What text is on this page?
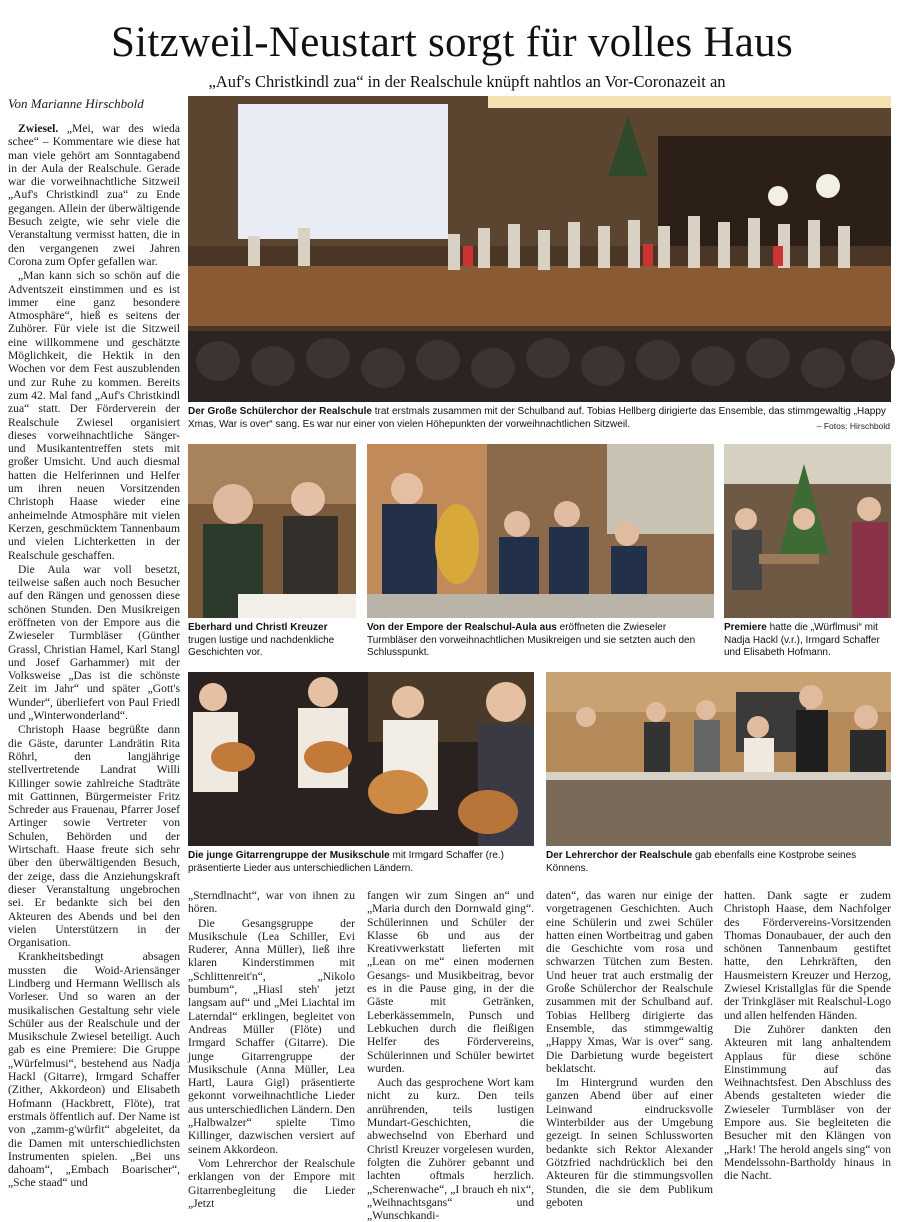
Sitzweil-Neustart sorgt für volles Haus
„Auf's Christkindl zua“ in der Realschule knüpft nahtlos an Vor-Coronazeit an
Von Marianne Hirschbold

Zwiesel. „Mei, war des wieda schee“ – Kommentare wie diese hat man viele gehört am Sonntagabend in der Aula der Realschule. Gerade war die vorweihnachtliche Sitzweil „Auf's Christkindl zua“ zu Ende gegangen. Allein der überwältigende Besuch zeigte, wie sehr viele die Veranstaltung vermisst hatten, die in den vergangenen zwei Jahren Corona zum Opfer gefallen war.

„Man kann sich so schön auf die Adventszeit einstimmen und es ist immer eine ganz besondere Atmosphäre“, hieß es seitens der Zuhörer. Für viele ist die Sitzweil eine willkommene und geschätzte Möglichkeit, die Hektik in den Wochen vor dem Fest auszublenden und zur Ruhe zu kommen. Bereits zum 42. Mal fand „Auf's Christkindl zua“ statt. Der Förderverein der Realschule Zwiesel organisiert dieses vorweihnachtliche Sänger- und Musikantentreffen stets mit großer Umsicht. Und auch diesmal hatten die Helferinnen und Helfer um ihren neuen Vorsitzenden Christoph Haase wieder eine anheimelnde Atmosphäre mit vielen Kerzen, geschmücktem Tannenbaum und vielen Lichterketten in der Realschule geschaffen.

Die Aula war voll besetzt, teilweise saßen auch noch Besucher auf den Rängen und genossen diese schönen Stunden. Den Musikreigen eröffneten von der Empore aus die Zwieseler Turmbläser (Günther Grassl, Christian Hamel, Karl Stangl und Josef Garhammer) mit der Volksweise „Das ist die schönste Zeit im Jahr“ und später „Gott's Wunder“, überliefert von Paul Friedl und „Winterwonderland“.

Christoph Haase begrüßte dann die Gäste, darunter Landrätin Rita Röhrl, den langjährige stellvertretende Landrat Willi Killinger sowie zahlreiche Stadträte mit Gattinnen, Bürgermeister Fritz Schreder aus Frauenau, Pfarrer Josef Artinger sowie Vertreter von Schulen, Behörden und der Wirtschaft. Haase freute sich sehr über den überwältigenden Besuch, der zeige, dass die Anziehungskraft dieser Veranstaltung ungebrochen sei. Er bedankte sich bei den Akteuren des Abends und bei den vielen Unterstützern in der Organisation.

Krankheitsbedingt absagen mussten die Woid-Ariensänger Lindberg und Hermann Wellisch als Vorleser. Und so waren an der musikalischen Gestaltung sehr viele Schüler aus der Realschule und der Musikschule Zwiesel beteiligt. Auch gab es eine Premiere: Die Gruppe „Würfelmusi“, bestehend aus Nadja Hackl (Gitarre), Irmgard Schaffer (Zither, Akkordeon) und Elisabeth Hofmann (Hackbrett, Flöte), trat erstmals öffentlich auf. Der Name ist von „zamm-g'würfit“ abgeleitet, da die Damen mit unterschiedlichsten Instrumenten spielen. „Bei uns dahoam“, „Embach Boarischer“, „Sche staad“ und

Der Große Schülerchor der Realschule trat erstmals zusammen mit der Schulband auf. Tobias Hellberg dirigierte das Ensemble, das stimmgewaltig „Happy Xmas, War is over“ sang. Es war nur einer von vielen Höhepunkten der vorweihnachtlichen Sitzweil.	– Fotos: Hirschbold
Eberhard und Christl Kreuzer trugen lustige und nachdenkliche Geschichten vor.
Von der Empore der Realschul-Aula aus eröffneten die Zwieseler Turmbläser den vorweihnachtlichen Musikreigen und sie setzten auch den Schlusspunkt.
Premiere hatte die „Würflmusi“ mit Nadja Hackl (v.r.), Irmgard Schaffer und Elisabeth Hofmann.
Die junge Gitarrengruppe der Musikschule mit Irmgard Schaffer (re.) präsentierte Lieder aus unterschiedlichen Ländern.
Der Lehrerchor der Realschule gab ebenfalls eine Kostprobe seines Könnens.

„Sterndlnacht“, war von ihnen zu hören.

Die Gesangsgruppe der Musikschule (Lea Schiller, Evi Ruderer, Anna Müller), ließ ihre klaren Kinderstimmen mit „Schlittenreit'n“, „Nikolo bumbum“, „Hiasl steh' jetzt langsam auf“ und „Mei Liachtal im Laterndal“ erklingen, begleitet von Andreas Müller (Flöte) und Irmgard Schaffer (Gitarre). Die junge Gitarrengruppe der Musikschule (Anna Müller, Lea Hartl, Laura Gigl) präsentierte gekonnt vorweihnachtliche Lieder aus unterschiedlichen Ländern. Den „Halbwalzer“ spielte Timo Killinger, dazwischen versiert auf seinem Akkordeon.

Vom Lehrerchor der Realschule erklangen von der Empore mit Gitarrenbegleitung die Lieder „Jetzt

fangen wir zum Singen an“ und „Maria durch den Dornwald ging“. Schülerinnen und Schüler der Klasse 6b und aus der Kreativwerkstatt lieferten mit „Lean on me“ einen modernen Gesangs- und Musikbeitrag, bevor es in die Pause ging, in der die Gäste mit Getränken, Leberkässemmeln, Punsch und Lebkuchen durch die fleißigen Helfer des Fördervereins, Schülerinnen und Schüler bewirtet wurden.

Auch das gesprochene Wort kam nicht zu kurz. Den teils anrührenden, teils lustigen Mundart-Geschichten, die abwechselnd von Eberhard und Christl Kreuzer vorgelesen wurden, folgten die Zuhörer gebannt und lachten oftmals herzlich. „Scherenwache“, „I brauch eh nix“, „Weihnachtsgans“ und „Wunschkandi-

daten“, das waren nur einige der vorgetragenen Geschichten. Auch eine Schülerin und zwei Schüler hatten einen Wortbeitrag und gaben die Geschichte vom rosa und schwarzen Tütchen zum Besten. Und heuer trat auch erstmalig der Große Schülerchor der Realschule zusammen mit der Schulband auf. Tobias Hellberg dirigierte das Ensemble, das stimmgewaltig „Happy Xmas, War is over“ sang. Die Darbietung wurde begeistert beklatscht.

Im Hintergrund wurden den ganzen Abend über auf einer Leinwand eindrucksvolle Winterbilder aus der Umgebung gezeigt. In seinen Schlussworten bedankte sich Rektor Alexander Götzfried nachdrücklich bei den Akteuren für die stimmungsvollen Stunden, die sie dem Publikum geboten

hatten. Dank sagte er zudem Christoph Haase, dem Nachfolger des Fördervereins-Vorsitzenden Thomas Donaubauer, der auch den schönen Tannenbaum gestiftet hatte, den Lehrkräften, den Hausmeistern Kreuzer und Herzog, Zwiesel Kristallglas für die Spende der Trinkgläser mit Realschul-Logo und allen helfenden Händen.

Die Zuhörer dankten den Akteuren mit lang anhaltendem Applaus für diese schöne Einstimmung auf das Weihnachtsfest. Den Abschluss des Abends gestalteten wieder die Zwieseler Turmbläser von der Empore aus. Sie begleiteten die Besucher mit den Klängen von „Hark! The herold angels sing“ von Mendelssohn-Bartholdy hinaus in die Nacht.
